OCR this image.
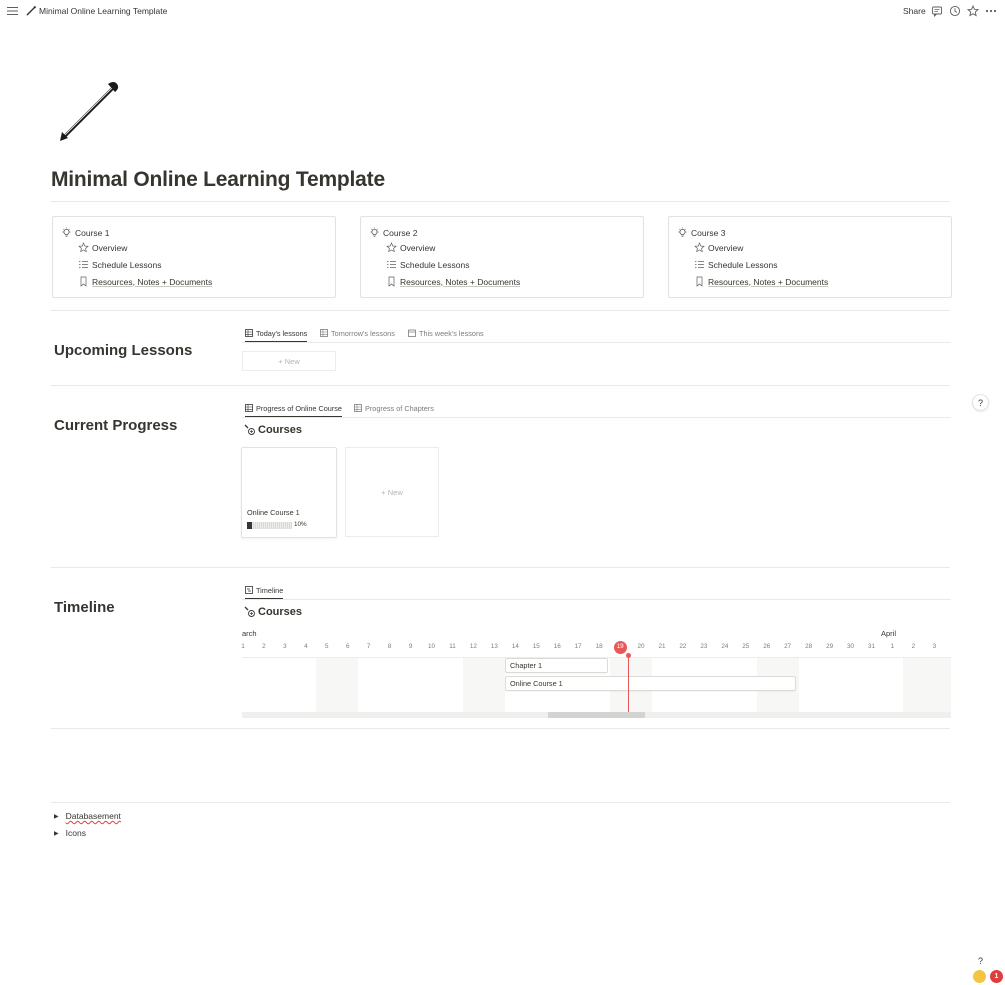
Minimal Online Learning Template	Share
Minimal Online Learning Template
Course 1
Overview
Schedule Lessons
Resources, Notes + Documents
Course 2
Overview
Schedule Lessons
Resources, Notes + Documents
Course 3
Overview
Schedule Lessons
Resources, Notes + Documents
Upcoming Lessons
Today's lessons	Tomorrow's lessons	This week's lessons
+ New
Current Progress
Progress of Online Course	Progress of Chapters
Courses
Online Course 1
10%
+ New
Timeline
Timeline
Courses
arch	April
1	2	3	4	5	6	7	8	9	10	11	12	13	14	15	16	17	18	19	20	21	22	23	24	25	26	27	28	29	30	31	1	2	3
Chapter 1
Online Course 1
▶ Databasement
▶ Icons
?
?
1
